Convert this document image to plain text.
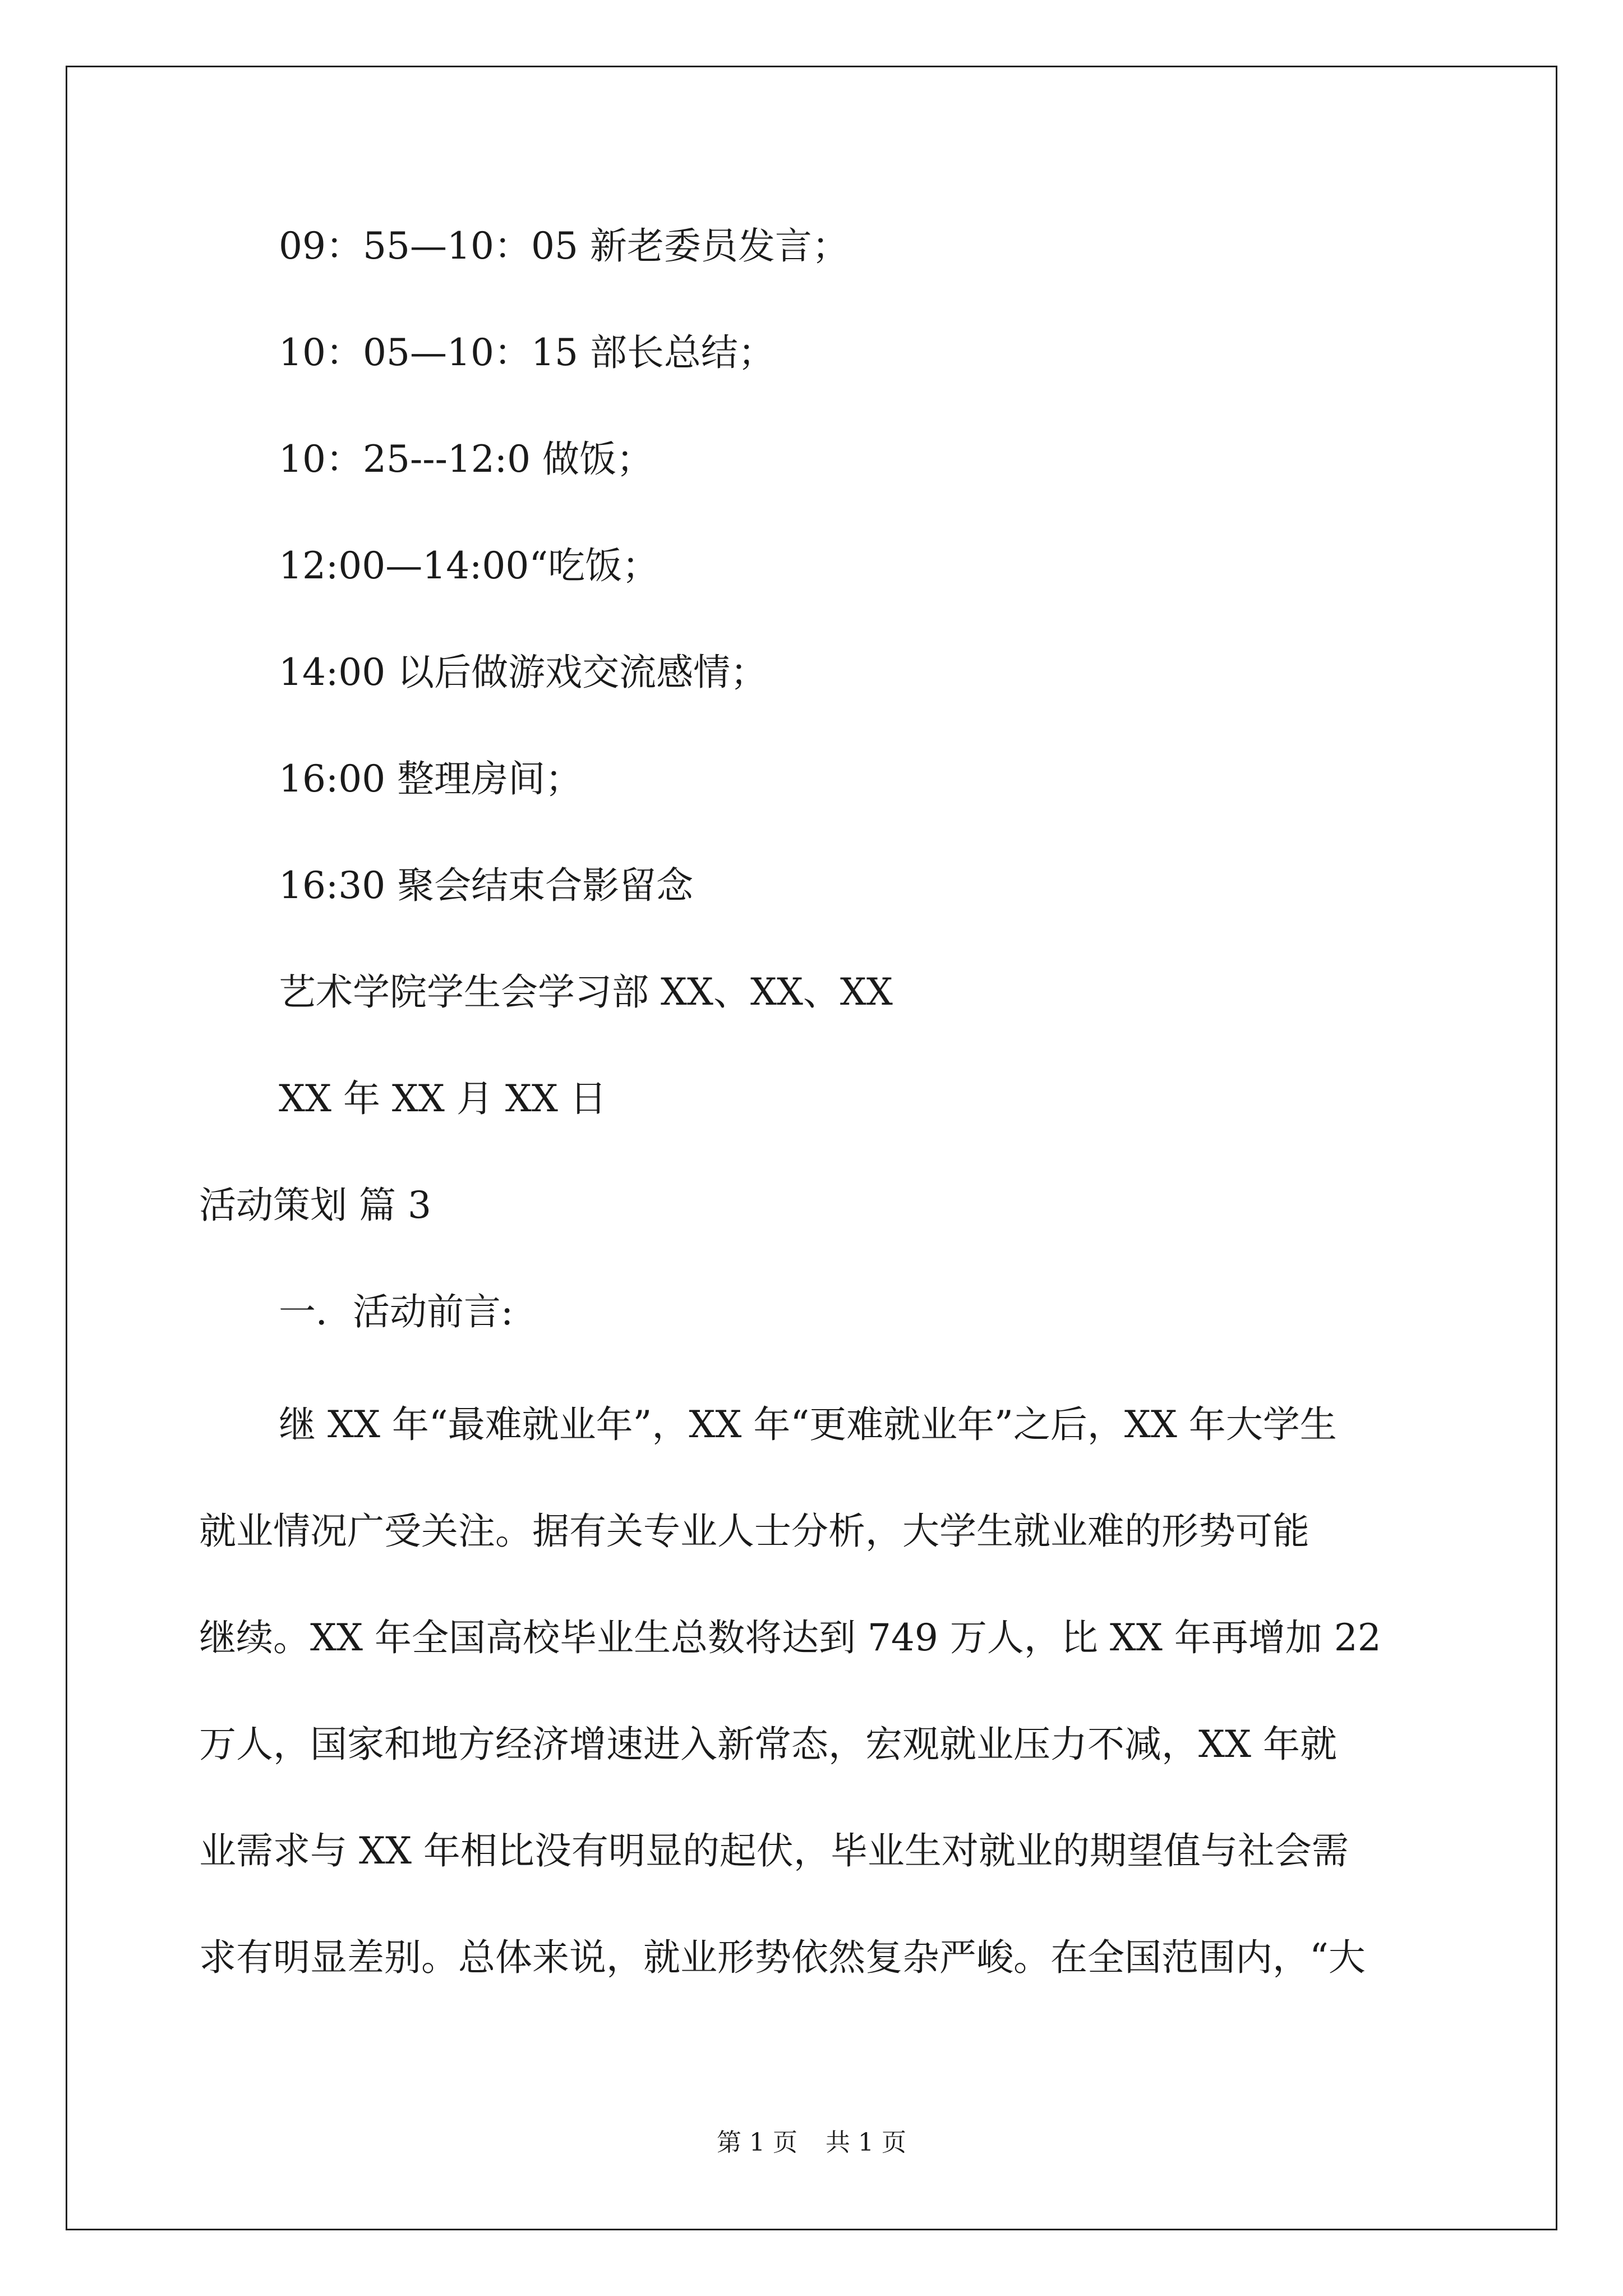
09：55—10：05 新老委员发言；
10：05—10：15 部长总结；
10：25---12:0 做饭；
12:00—14:00“吃饭；
14:00 以后做游戏交流感情；
16:00 整理房间；
16:30 聚会结束合影留念
艺术学院学生会学习部 XX、XX、XX
XX 年 XX 月 XX 日
活动策划 篇 3
一．活动前言:
继 XX 年“最难就业年”，XX 年“更难就业年”之后，XX 年大学生
就业情况广受关注。据有关专业人士分析，大学生就业难的形势可能
继续。XX 年全国高校毕业生总数将达到 749 万人，比 XX 年再增加 22
万人，国家和地方经济增速进入新常态，宏观就业压力不减，XX 年就
业需求与 XX 年相比没有明显的起伏，毕业生对就业的期望值与社会需
求有明显差别。总体来说，就业形势依然复杂严峻。在全国范围内，“大
第 1 页 共 1 页
